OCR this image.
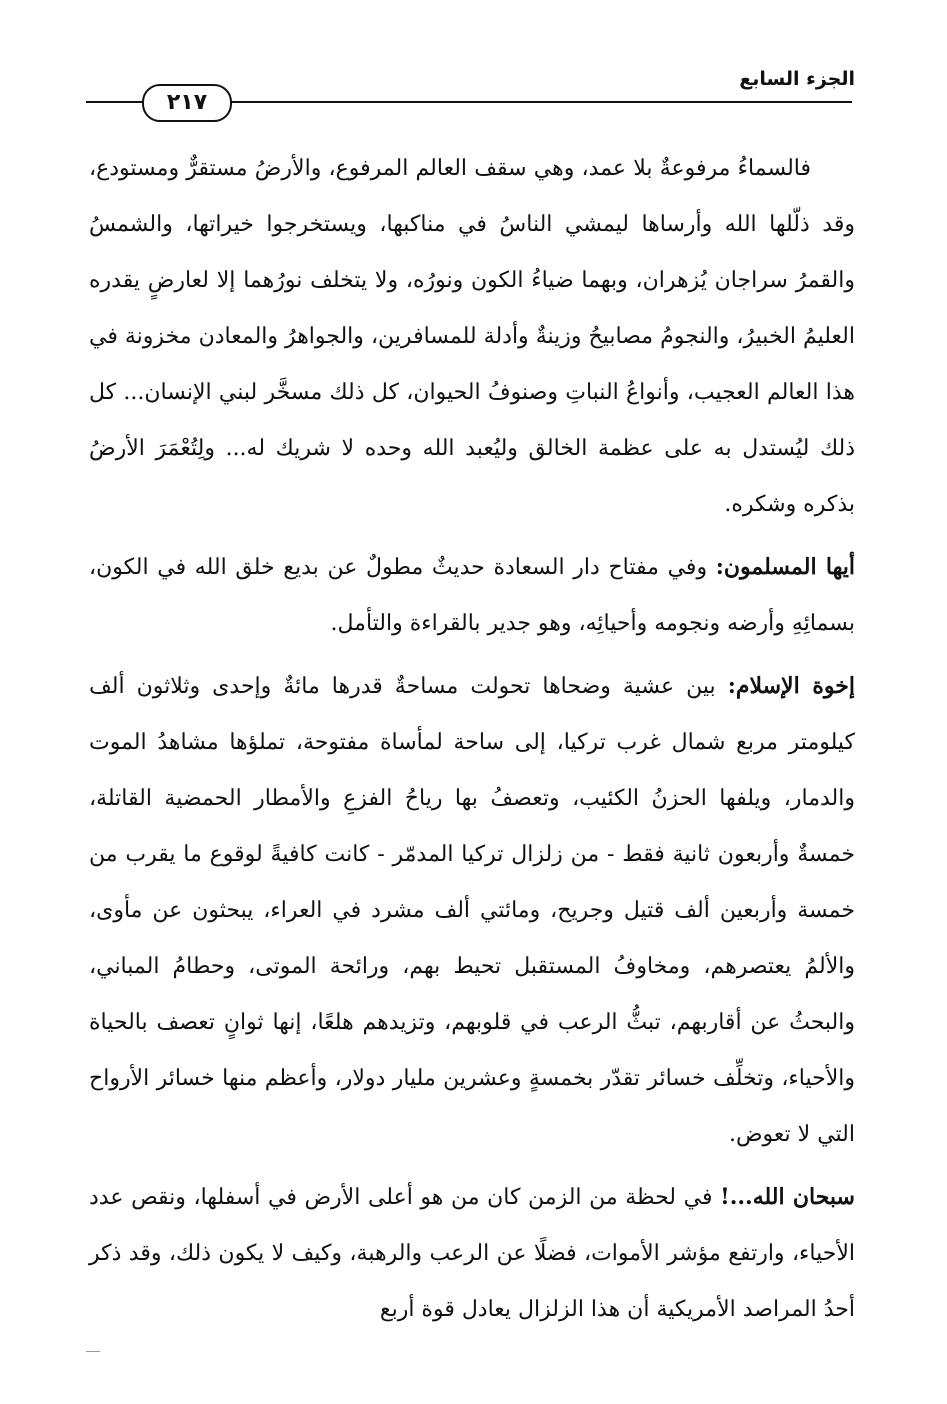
الجزء السابع
٢١٧

فالسماءُ مرفوعةٌ بلا عمد، وهي سقف العالم المرفوع، والأرضُ مستقرٌّ ومستودع، وقد ذلّلها الله وأرساها ليمشي الناسُ في مناكبها، ويستخرجوا خيراتها، والشمسُ والقمرُ سراجان يُزهران، وبهما ضياءُ الكون ونورُه، ولا يتخلف نورُهما إلا لعارضٍ يقدره العليمُ الخبيرُ، والنجومُ مصابيحُ وزينةٌ وأدلة للمسافرين، والجواهرُ والمعادن مخزونة في هذا العالم العجيب، وأنواعُ النباتِ وصنوفُ الحيوان، كل ذلك مسخَّر لبني الإنسان... كل ذلك ليُستدل به على عظمة الخالق وليُعبد الله وحده لا شريك له... ولِتُعْمَرَ الأرضُ بذكره وشكره.

أيها المسلمون: وفي مفتاح دار السعادة حديثٌ مطولٌ عن بديع خلق الله في الكون، بسمائِهِ وأرضه ونجومه وأحيائِه، وهو جدير بالقراءة والتأمل.

إخوة الإسلام: بين عشية وضحاها تحولت مساحةٌ قدرها مائةٌ وإحدى وثلاثون ألف كيلومتر مربع شمال غرب تركيا، إلى ساحة لمأساة مفتوحة، تملؤها مشاهدُ الموت والدمار، ويلفها الحزنُ الكئيب، وتعصفُ بها رياحُ الفزعِ والأمطار الحمضية القاتلة، خمسةٌ وأربعون ثانية فقط - من زلزال تركيا المدمّر - كانت كافيةً لوقوع ما يقرب من خمسة وأربعين ألف قتيل وجريح، ومائتي ألف مشرد في العراء، يبحثون عن مأوى، والألمُ يعتصرهم، ومخاوفُ المستقبل تحيط بهم، ورائحة الموتى، وحطامُ المباني، والبحثُ عن أقاربهم، تبثُّ الرعب في قلوبهم، وتزيدهم هلعًا، إنها ثوانٍ تعصف بالحياة والأحياء، وتخلِّف خسائر تقدّر بخمسةٍ وعشرين مليار دولار، وأعظم منها خسائر الأرواح التي لا تعوض.

سبحان الله...! في لحظة من الزمن كان من هو أعلى الأرض في أسفلها، ونقص عدد الأحياء، وارتفع مؤشر الأموات، فضلًا عن الرعب والرهبة، وكيف لا يكون ذلك، وقد ذكر أحدُ المراصد الأمريكية أن هذا الزلزال يعادل قوة أربع
